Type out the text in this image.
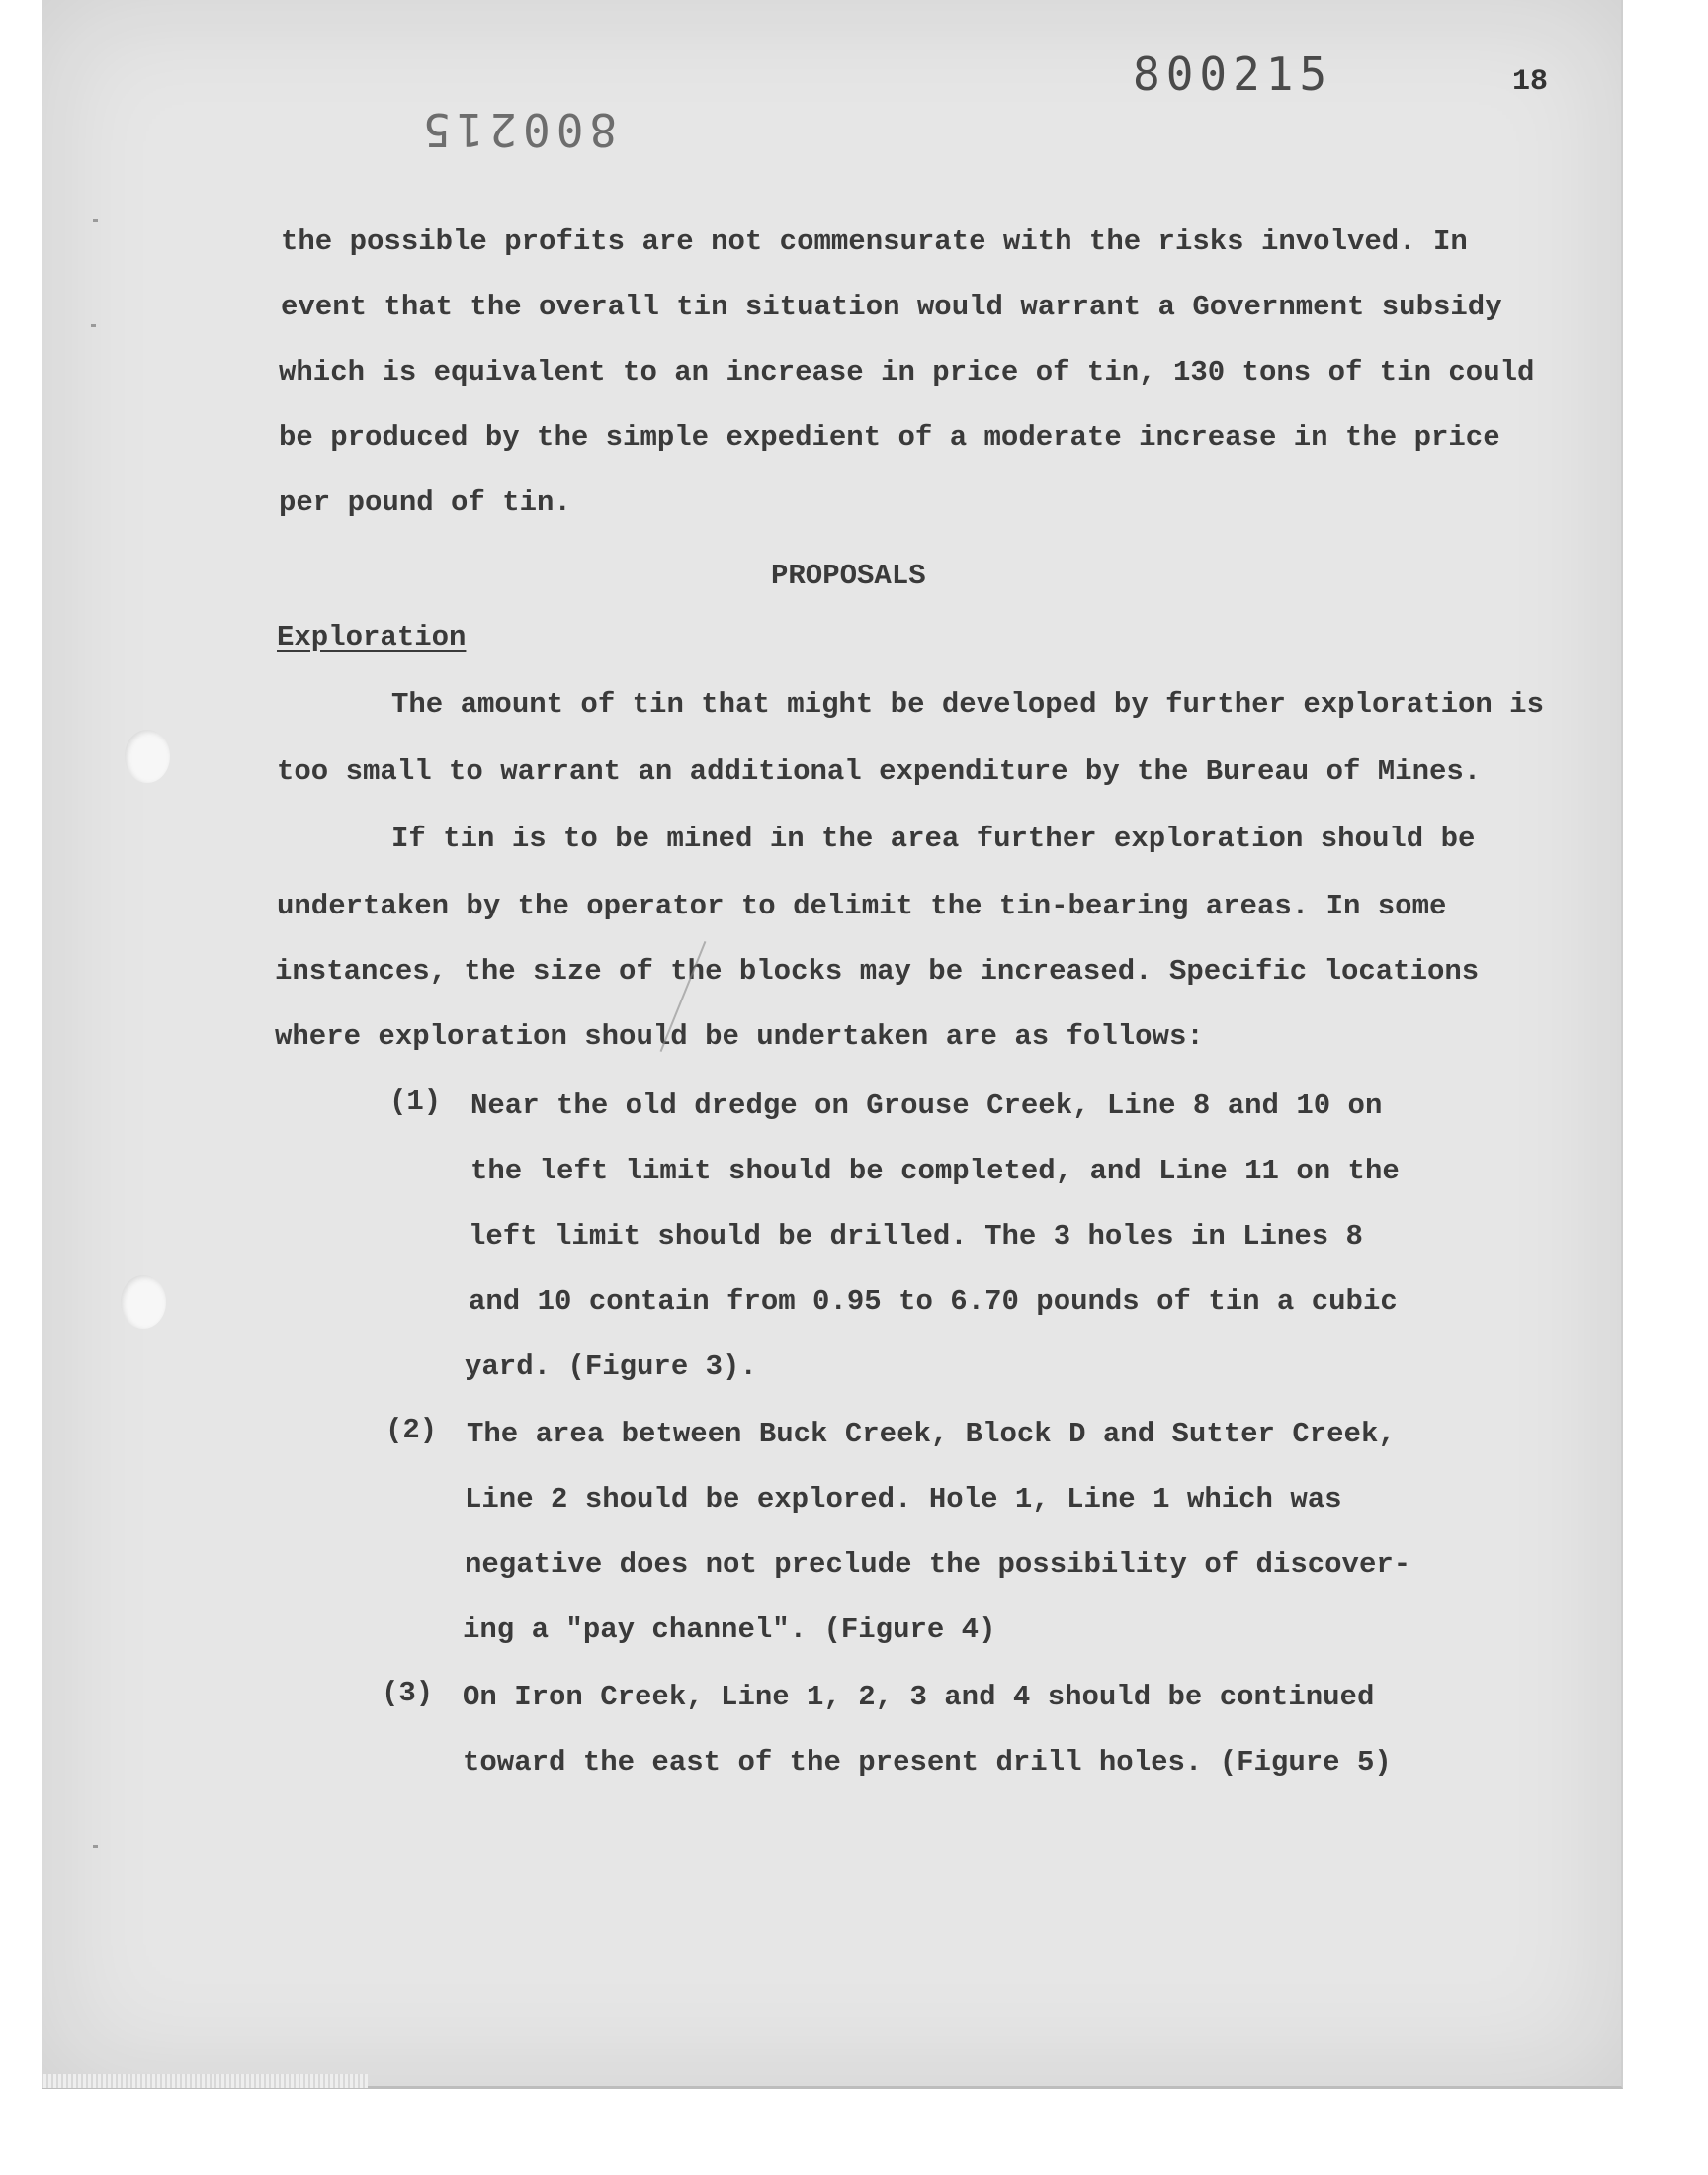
800215
800215
18
the possible profits are not commensurate with the risks involved. In
event that the overall tin situation would warrant a Government subsidy
which is equivalent to an increase in price of tin, 130 tons of tin could
be produced by the simple expedient of a moderate increase in the price
per pound of tin.
PROPOSALS
Exploration
The amount of tin that might be developed by further exploration is
too small to warrant an additional expenditure by the Bureau of Mines.
If tin is to be mined in the area further exploration should be
undertaken by the operator to delimit the tin-bearing areas. In some
instances, the size of the blocks may be increased. Specific locations
where exploration should be undertaken are as follows:
(1) Near the old dredge on Grouse Creek, Line 8 and 10 on
the left limit should be completed, and Line 11 on the
left limit should be drilled. The 3 holes in Lines 8
and 10 contain from 0.95 to 6.70 pounds of tin a cubic
yard. (Figure 3).
(2) The area between Buck Creek, Block D and Sutter Creek,
Line 2 should be explored. Hole 1, Line 1 which was
negative does not preclude the possibility of discover-
ing a "pay channel". (Figure 4)
(3) On Iron Creek, Line 1, 2, 3 and 4 should be continued
toward the east of the present drill holes. (Figure 5)
